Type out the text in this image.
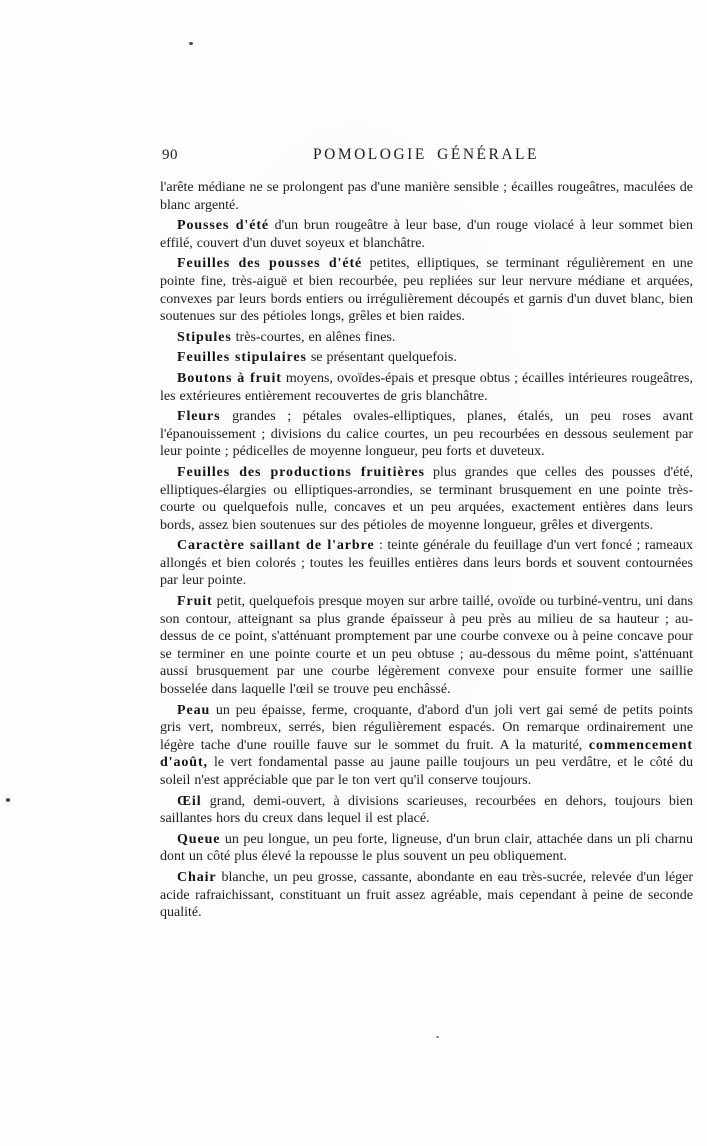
90	POMOLOGIE GÉNÉRALE

l'arête médiane ne se prolongent pas d'une manière sensible ; écailles rougeâtres, maculées de blanc argenté.

Pousses d'été d'un brun rougeâtre à leur base, d'un rouge violacé à leur sommet bien effilé, couvert d'un duvet soyeux et blanchâtre.

Feuilles des pousses d'été petites, elliptiques, se terminant régulièrement en une pointe fine, très-aiguë et bien recourbée, peu repliées sur leur nervure médiane et arquées, convexes par leurs bords entiers ou irrégulièrement découpés et garnis d'un duvet blanc, bien soutenues sur des pétioles longs, grêles et bien raides.

Stipules très-courtes, en alênes fines.

Feuilles stipulaires se présentant quelquefois.

Boutons à fruit moyens, ovoïdes-épais et presque obtus ; écailles intérieures rougeâtres, les extérieures entièrement recouvertes de gris blanchâtre.

Fleurs grandes ; pétales ovales-elliptiques, planes, étalés, un peu roses avant l'épanouissement ; divisions du calice courtes, un peu recourbées en dessous seulement par leur pointe ; pédicelles de moyenne longueur, peu forts et duveteux.

Feuilles des productions fruitières plus grandes que celles des pousses d'été, elliptiques-élargies ou elliptiques-arrondies, se terminant brusquement en une pointe très-courte ou quelquefois nulle, concaves et un peu arquées, exactement entières dans leurs bords, assez bien soutenues sur des pétioles de moyenne longueur, grêles et divergents.

Caractère saillant de l'arbre : teinte générale du feuillage d'un vert foncé ; rameaux allongés et bien colorés ; toutes les feuilles entières dans leurs bords et souvent contournées par leur pointe.

Fruit petit, quelquefois presque moyen sur arbre taillé, ovoïde ou turbiné-ventru, uni dans son contour, atteignant sa plus grande épaisseur à peu près au milieu de sa hauteur ; au-dessus de ce point, s'atténuant promptement par une courbe convexe ou à peine concave pour se terminer en une pointe courte et un peu obtuse ; au-dessous du même point, s'atténuant aussi brusquement par une courbe légèrement convexe pour ensuite former une saillie bosselée dans laquelle l'œil se trouve peu enchâssé.

Peau un peu épaisse, ferme, croquante, d'abord d'un joli vert gai semé de petits points gris vert, nombreux, serrés, bien régulièrement espacés. On remarque ordinairement une légère tache d'une rouille fauve sur le sommet du fruit. A la maturité, commencement d'août, le vert fondamental passe au jaune paille toujours un peu verdâtre, et le côté du soleil n'est appréciable que par le ton vert qu'il conserve toujours.

Œil grand, demi-ouvert, à divisions scarieuses, recourbées en dehors, toujours bien saillantes hors du creux dans lequel il est placé.

Queue un peu longue, un peu forte, ligneuse, d'un brun clair, attachée dans un pli charnu dont un côté plus élevé la repousse le plus souvent un peu obliquement.

Chair blanche, un peu grosse, cassante, abondante en eau très-sucrée, relevée d'un léger acide rafraichissant, constituant un fruit assez agréable, mais cependant à peine de seconde qualité.
